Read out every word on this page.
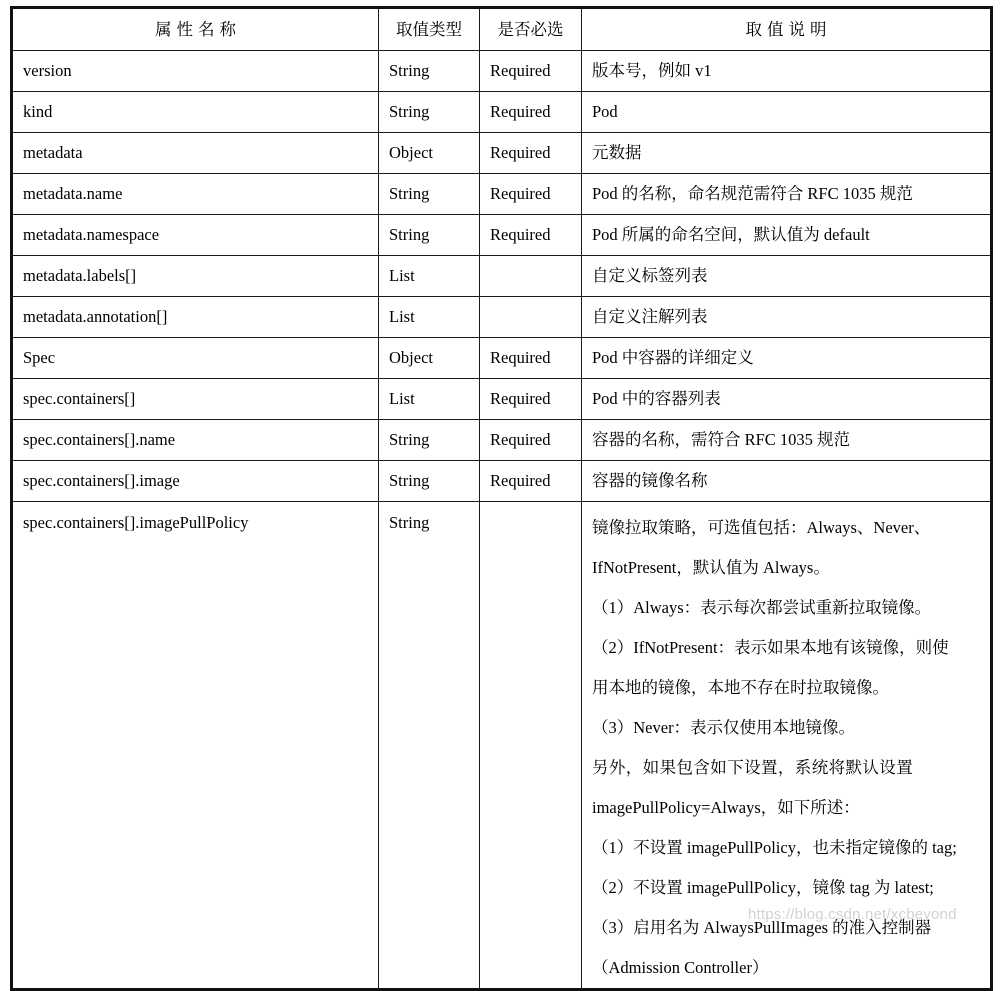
属性名称	取值类型	是否必选	取值说明
version	String	Required	版本号，例如 v1
kind	String	Required	Pod
metadata	Object	Required	元数据
metadata.name	String	Required	Pod 的名称，命名规范需符合 RFC 1035 规范
metadata.namespace	String	Required	Pod 所属的命名空间，默认值为 default
metadata.labels[]	List		自定义标签列表
metadata.annotation[]	List		自定义注解列表
Spec	Object	Required	Pod 中容器的详细定义
spec.containers[]	List	Required	Pod 中的容器列表
spec.containers[].name	String	Required	容器的名称，需符合 RFC 1035 规范
spec.containers[].image	String	Required	容器的镜像名称
spec.containers[].imagePullPolicy	String		镜像拉取策略，可选值包括：Always、Never、
IfNotPresent，默认值为 Always。
（1）Always：表示每次都尝试重新拉取镜像。
（2）IfNotPresent：表示如果本地有该镜像，则使
用本地的镜像，本地不存在时拉取镜像。
（3）Never：表示仅使用本地镜像。
另外，如果包含如下设置，系统将默认设置
imagePullPolicy=Always，如下所述：
（1）不设置 imagePullPolicy，也未指定镜像的 tag;
（2）不设置 imagePullPolicy，镜像 tag 为 latest;
（3）启用名为 AlwaysPullImages 的准入控制器
（Admission Controller）
https://blog.csdn.net/xcbeyond
